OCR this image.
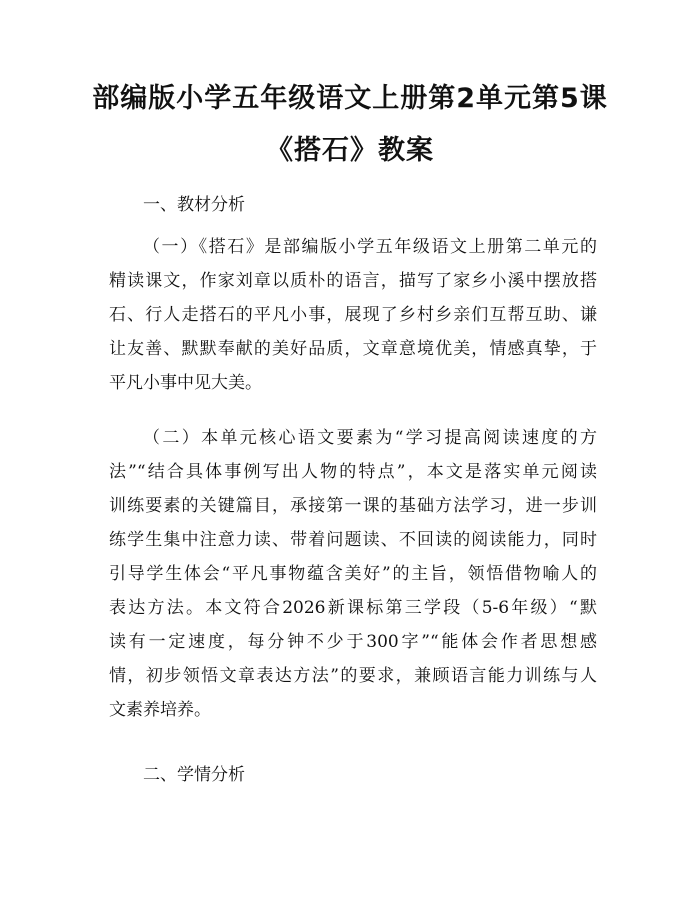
部编版小学五年级语文上册第2单元第5课
《搭石》教案
一、教材分析
（一）《搭石》是部编版小学五年级语文上册第二单元的
精读课文，作家刘章以质朴的语言，描写了家乡小溪中摆放搭
石、行人走搭石的平凡小事，展现了乡村乡亲们互帮互助、谦
让友善、默默奉献的美好品质，文章意境优美，情感真挚，于
平凡小事中见大美。
（二）本单元核心语文要素为“学习提高阅读速度的方
法”“结合具体事例写出人物的特点”，本文是落实单元阅读
训练要素的关键篇目，承接第一课的基础方法学习，进一步训
练学生集中注意力读、带着问题读、不回读的阅读能力，同时
引导学生体会“平凡事物蕴含美好”的主旨，领悟借物喻人的
表达方法。本文符合2026新课标第三学段（5-6年级）“默
读有一定速度，每分钟不少于300字”“能体会作者思想感
情，初步领悟文章表达方法”的要求，兼顾语言能力训练与人
文素养培养。
二、学情分析
